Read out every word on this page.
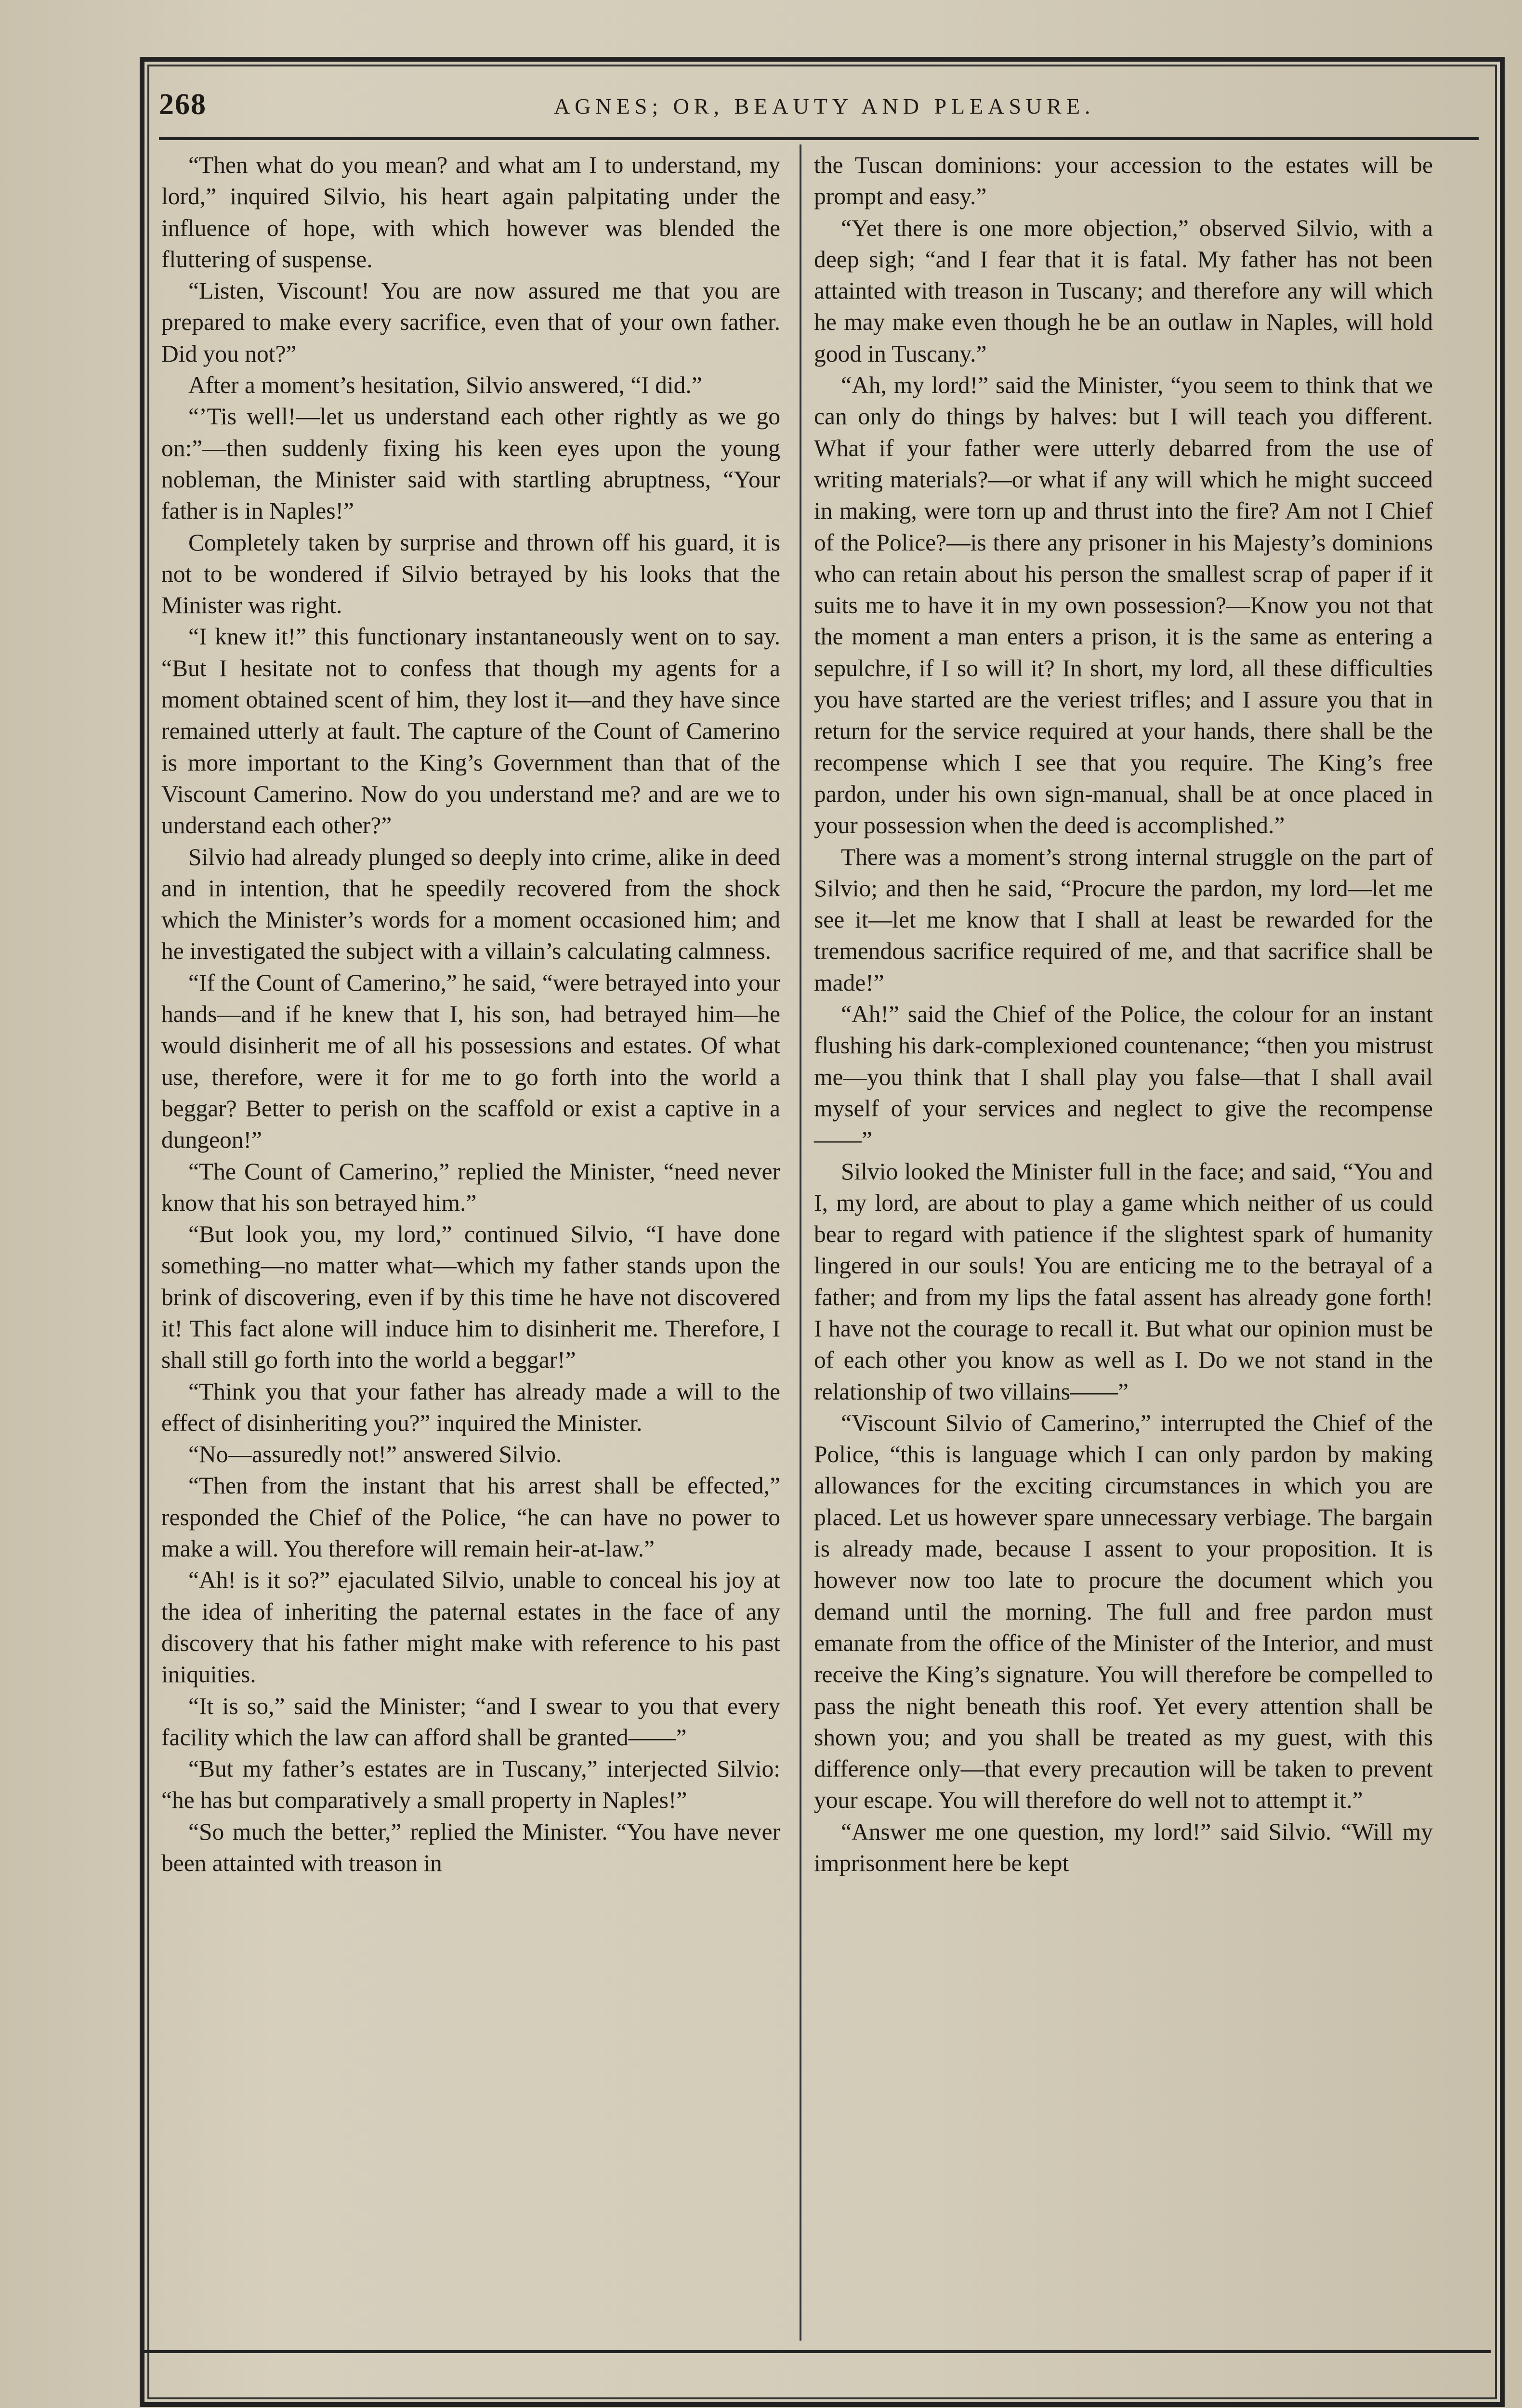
268	AGNES; OR, BEAUTY AND PLEASURE.

“Then what do you mean? and what am I to understand, my lord,” inquired Silvio, his heart again palpitating under the influence of hope, with which however was blended the fluttering of suspense.

“Listen, Viscount! You are now assured me that you are prepared to make every sacrifice, even that of your own father. Did you not?”

After a moment’s hesitation, Silvio answered, “I did.”

“’Tis well!—let us understand each other rightly as we go on:”—then suddenly fixing his keen eyes upon the young nobleman, the Minister said with startling abruptness, “Your father is in Naples!”

Completely taken by surprise and thrown off his guard, it is not to be wondered if Silvio betrayed by his looks that the Minister was right.

“I knew it!” this functionary instantaneously went on to say. “But I hesitate not to confess that though my agents for a moment obtained scent of him, they lost it—and they have since remained utterly at fault. The capture of the Count of Camerino is more important to the King’s Government than that of the Viscount Camerino. Now do you understand me? and are we to understand each other?”

Silvio had already plunged so deeply into crime, alike in deed and in intention, that he speedily recovered from the shock which the Minister’s words for a moment occasioned him; and he investigated the subject with a villain’s calculating calmness.

“If the Count of Camerino,” he said, “were betrayed into your hands—and if he knew that I, his son, had betrayed him—he would disinherit me of all his possessions and estates. Of what use, therefore, were it for me to go forth into the world a beggar? Better to perish on the scaffold or exist a captive in a dungeon!”

“The Count of Camerino,” replied the Minister, “need never know that his son betrayed him.”

“But look you, my lord,” continued Silvio, “I have done something—no matter what—which my father stands upon the brink of discovering, even if by this time he have not discovered it! This fact alone will induce him to disinherit me. Therefore, I shall still go forth into the world a beggar!”

“Think you that your father has already made a will to the effect of disinheriting you?” inquired the Minister.

“No—assuredly not!” answered Silvio.

“Then from the instant that his arrest shall be effected,” responded the Chief of the Police, “he can have no power to make a will. You therefore will remain heir-at-law.”

“Ah! is it so?” ejaculated Silvio, unable to conceal his joy at the idea of inheriting the paternal estates in the face of any discovery that his father might make with reference to his past iniquities.

“It is so,” said the Minister; “and I swear to you that every facility which the law can afford shall be granted——”

“But my father’s estates are in Tuscany,” interjected Silvio: “he has but comparatively a small property in Naples!”

“So much the better,” replied the Minister. “You have never been attainted with treason in

the Tuscan dominions: your accession to the estates will be prompt and easy.”

“Yet there is one more objection,” observed Silvio, with a deep sigh; “and I fear that it is fatal. My father has not been attainted with treason in Tuscany; and therefore any will which he may make even though he be an outlaw in Naples, will hold good in Tuscany.”

“Ah, my lord!” said the Minister, “you seem to think that we can only do things by halves: but I will teach you different. What if your father were utterly debarred from the use of writing materials?—or what if any will which he might succeed in making, were torn up and thrust into the fire? Am not I Chief of the Police?—is there any prisoner in his Majesty’s dominions who can retain about his person the smallest scrap of paper if it suits me to have it in my own possession?—Know you not that the moment a man enters a prison, it is the same as entering a sepulchre, if I so will it? In short, my lord, all these difficulties you have started are the veriest trifles; and I assure you that in return for the service required at your hands, there shall be the recompense which I see that you require. The King’s free pardon, under his own sign-manual, shall be at once placed in your possession when the deed is accomplished.”

There was a moment’s strong internal struggle on the part of Silvio; and then he said, “Procure the pardon, my lord—let me see it—let me know that I shall at least be rewarded for the tremendous sacrifice required of me, and that sacrifice shall be made!”

“Ah!” said the Chief of the Police, the colour for an instant flushing his dark-complexioned countenance; “then you mistrust me—you think that I shall play you false—that I shall avail myself of your services and neglect to give the recompense——”

Silvio looked the Minister full in the face; and said, “You and I, my lord, are about to play a game which neither of us could bear to regard with patience if the slightest spark of humanity lingered in our souls! You are enticing me to the betrayal of a father; and from my lips the fatal assent has already gone forth! I have not the courage to recall it. But what our opinion must be of each other you know as well as I. Do we not stand in the relationship of two villains——”

“Viscount Silvio of Camerino,” interrupted the Chief of the Police, “this is language which I can only pardon by making allowances for the exciting circumstances in which you are placed. Let us however spare unnecessary verbiage. The bargain is already made, because I assent to your proposition. It is however now too late to procure the document which you demand until the morning. The full and free pardon must emanate from the office of the Minister of the Interior, and must receive the King’s signature. You will therefore be compelled to pass the night beneath this roof. Yet every attention shall be shown you; and you shall be treated as my guest, with this difference only—that every precaution will be taken to prevent your escape. You will therefore do well not to attempt it.”

“Answer me one question, my lord!” said Silvio. “Will my imprisonment here be kept
